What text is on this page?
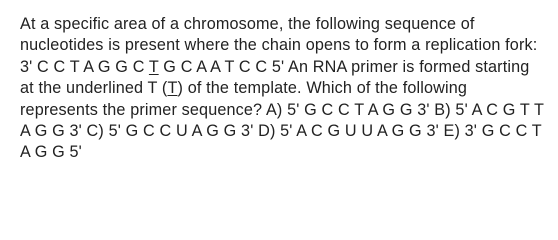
At a specific area of a chromosome, the following sequence of nucleotides is present where the chain opens to form a replication fork: 3' C C T A G G C T G C A A T C C 5' An RNA primer is formed starting at the underlined T (T) of the template. Which of the following represents the primer sequence? A) 5' G C C T A G G 3' B) 5' A C G T T A G G 3' C) 5' G C C U A G G 3' D) 5' A C G U U A G G 3' E) 3' G C C T A G G 5'
